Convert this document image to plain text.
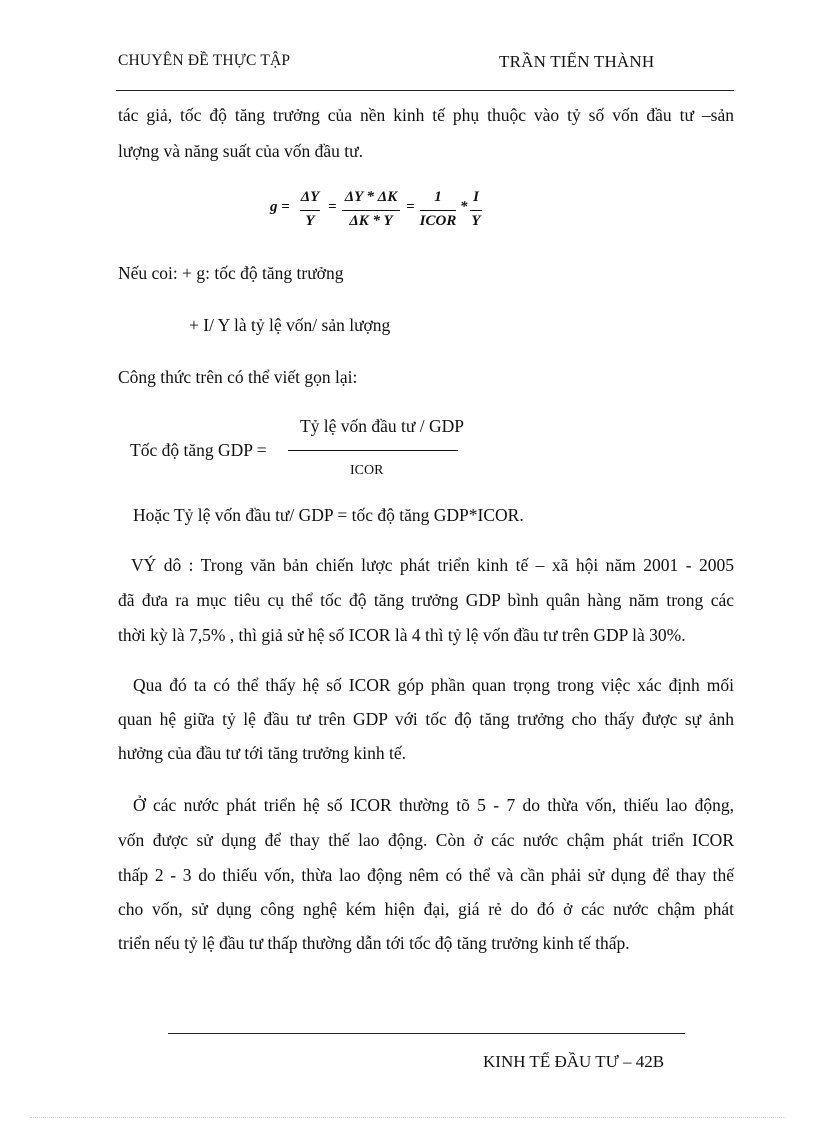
CHUYÊN ĐỀ THỰC TẬP	TRẦN TIẾN THÀNH
tác giả, tốc độ tăng trưởng của nền kinh tế phụ thuộc vào tỷ số vốn đầu tư –sản
lượng và năng suất của vốn đầu tư.
g =
ΔY
Y
=
ΔY * ΔK
ΔK * Y
=
1
ICOR
*
I
Y
Nếu coi: + g: tốc độ tăng trưởng
+ I/ Y là tỷ lệ vốn/ sản lượng
Công thức trên có thể viết gọn lại:
Tốc độ tăng GDP =
Tỷ lệ vốn đầu tư / GDP
ICOR
Hoặc Tỷ lệ vốn đầu tư/ GDP = tốc độ tăng GDP*ICOR.
VÝ dô : Trong văn bản chiến lược phát triển kinh tế – xã hội năm 2001 - 2005
đã đưa ra mục tiêu cụ thể tốc độ tăng trưởng GDP bình quân hàng năm trong các
thời kỳ là 7,5% , thì giả sử hệ số ICOR là 4 thì tỷ lệ vốn đầu tư trên GDP là 30%.
Qua đó ta có thể thấy hệ số ICOR góp phần quan trọng trong việc xác định mối
quan hệ giữa tỷ lệ đầu tư trên GDP với tốc độ tăng trưởng cho thấy được sự ảnh
hưởng của đầu tư tới tăng trưởng kinh tế.
Ở các nước phát triển hệ số ICOR thường tõ 5 - 7 do thừa vốn, thiếu lao động,
vốn được sử dụng để thay thế lao động. Còn ở các nước chậm phát triển ICOR
thấp 2 - 3 do thiếu vốn, thừa lao động nêm có thể và cần phải sử dụng để thay thế
cho vốn, sử dụng công nghệ kém hiện đại, giá rẻ do đó ở các nước chậm phát
triển nếu tỷ lệ đầu tư thấp thường dẫn tới tốc độ tăng trưởng kinh tế thấp.
KINH TẾ ĐẦU TƯ – 42B
